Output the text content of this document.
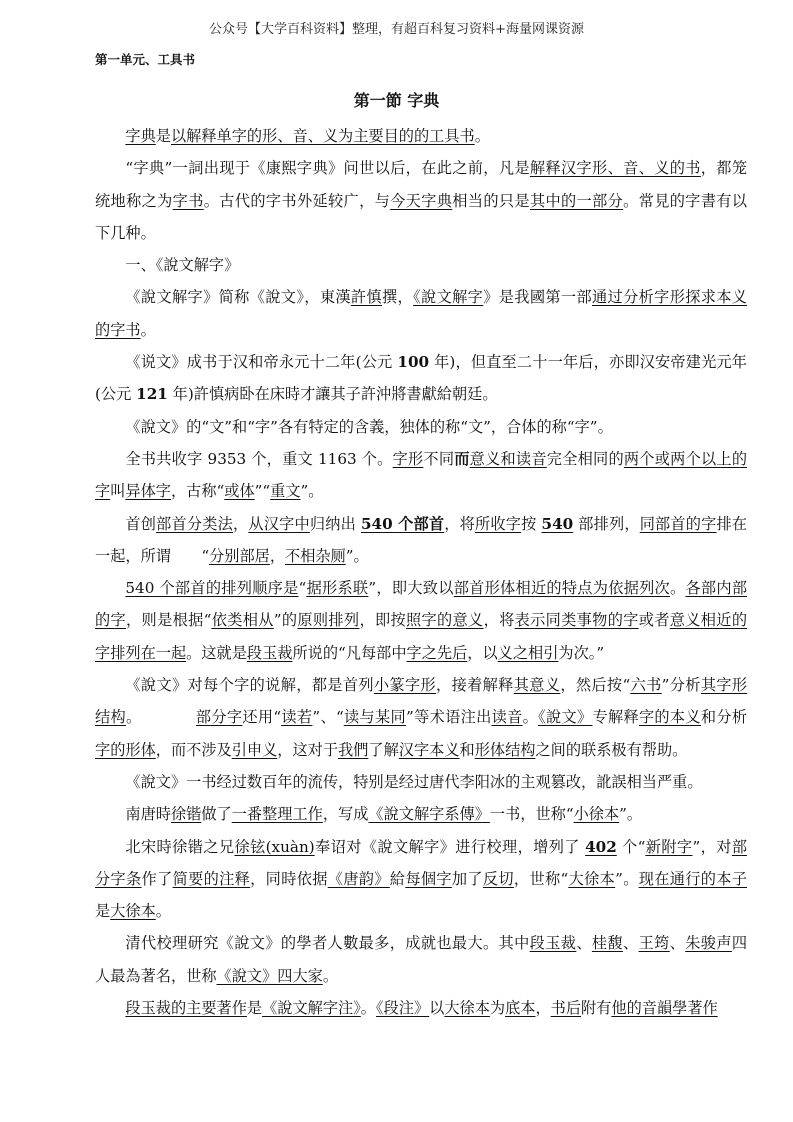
公众号【大学百科资料】整理，有超百科复习资料+海量网课资源
第一单元、工具书
第一節 字典

字典是以解释单字的形、音、义为主要目的的工具书。

“字典”一詞出现于《康熙字典》问世以后，在此之前，凡是解释汉字形、音、义的书，都笼统地称之为字书。古代的字书外延较广，与今天字典相当的只是其中的一部分。常見的字書有以下几种。

一、《說文解字》

《說文解字》简称《說文》，東漢許慎撰，《說文解字》是我國第一部通过分析字形探求本义的字书。

《说文》成书于汉和帝永元十二年(公元 100 年)，但直至二十一年后，亦即汉安帝建光元年(公元 121 年)許慎病卧在床時才讓其子許沖將書獻給朝廷。

《說文》的“文”和“字”各有特定的含義，独体的称“文”，合体的称“字”。

全书共收字 9353 个，重文 1163 个。字形不同而意义和读音完全相同的两个或两个以上的字叫异体字，古称“或体”“重文”。

首创部首分类法，从汉字中归纳出 540 个部首，将所收字按 540 部排列，同部首的字排在一起，所谓　　“分别部居，不相杂厕”。

540 个部首的排列顺序是“据形系联”，即大致以部首形体相近的特点为依据列次。各部内部的字，则是根据“依类相从”的原则排列，即按照字的意义，将表示同类事物的字或者意义相近的字排列在一起。这就是段玉裁所说的“凡每部中字之先后，以义之相引为次。”

《說文》对每个字的说解，都是首列小篆字形，接着解释其意义，然后按“六书”分析其字形结构。　　　　部分字还用“读若”、“读与某同”等术语注出读音。《說文》专解释字的本义和分析字的形体，而不涉及引申义，这对于我們了解汉字本义和形体结构之间的联系极有帮助。

《說文》一书经过数百年的流传，特别是经过唐代李阳冰的主观篡改，訛誤相当严重。

南唐時徐锴做了一番整理工作，写成《說文解字系傳》一书，世称“小徐本”。

北宋時徐锴之兄徐铉(xuàn)奉诏对《說文解字》进行校理，增列了 402 个“新附字”，对部分字条作了简要的注释，同時依据《唐韵》給每個字加了反切，世称“大徐本”。现在通行的本子是大徐本。

清代校理研究《說文》的學者人數最多，成就也最大。其中段玉裁、桂馥、王筠、朱骏声四人最為著名，世称《說文》四大家。

段玉裁的主要著作是《說文解字注》。《段注》以大徐本为底本，书后附有他的音韻學著作
